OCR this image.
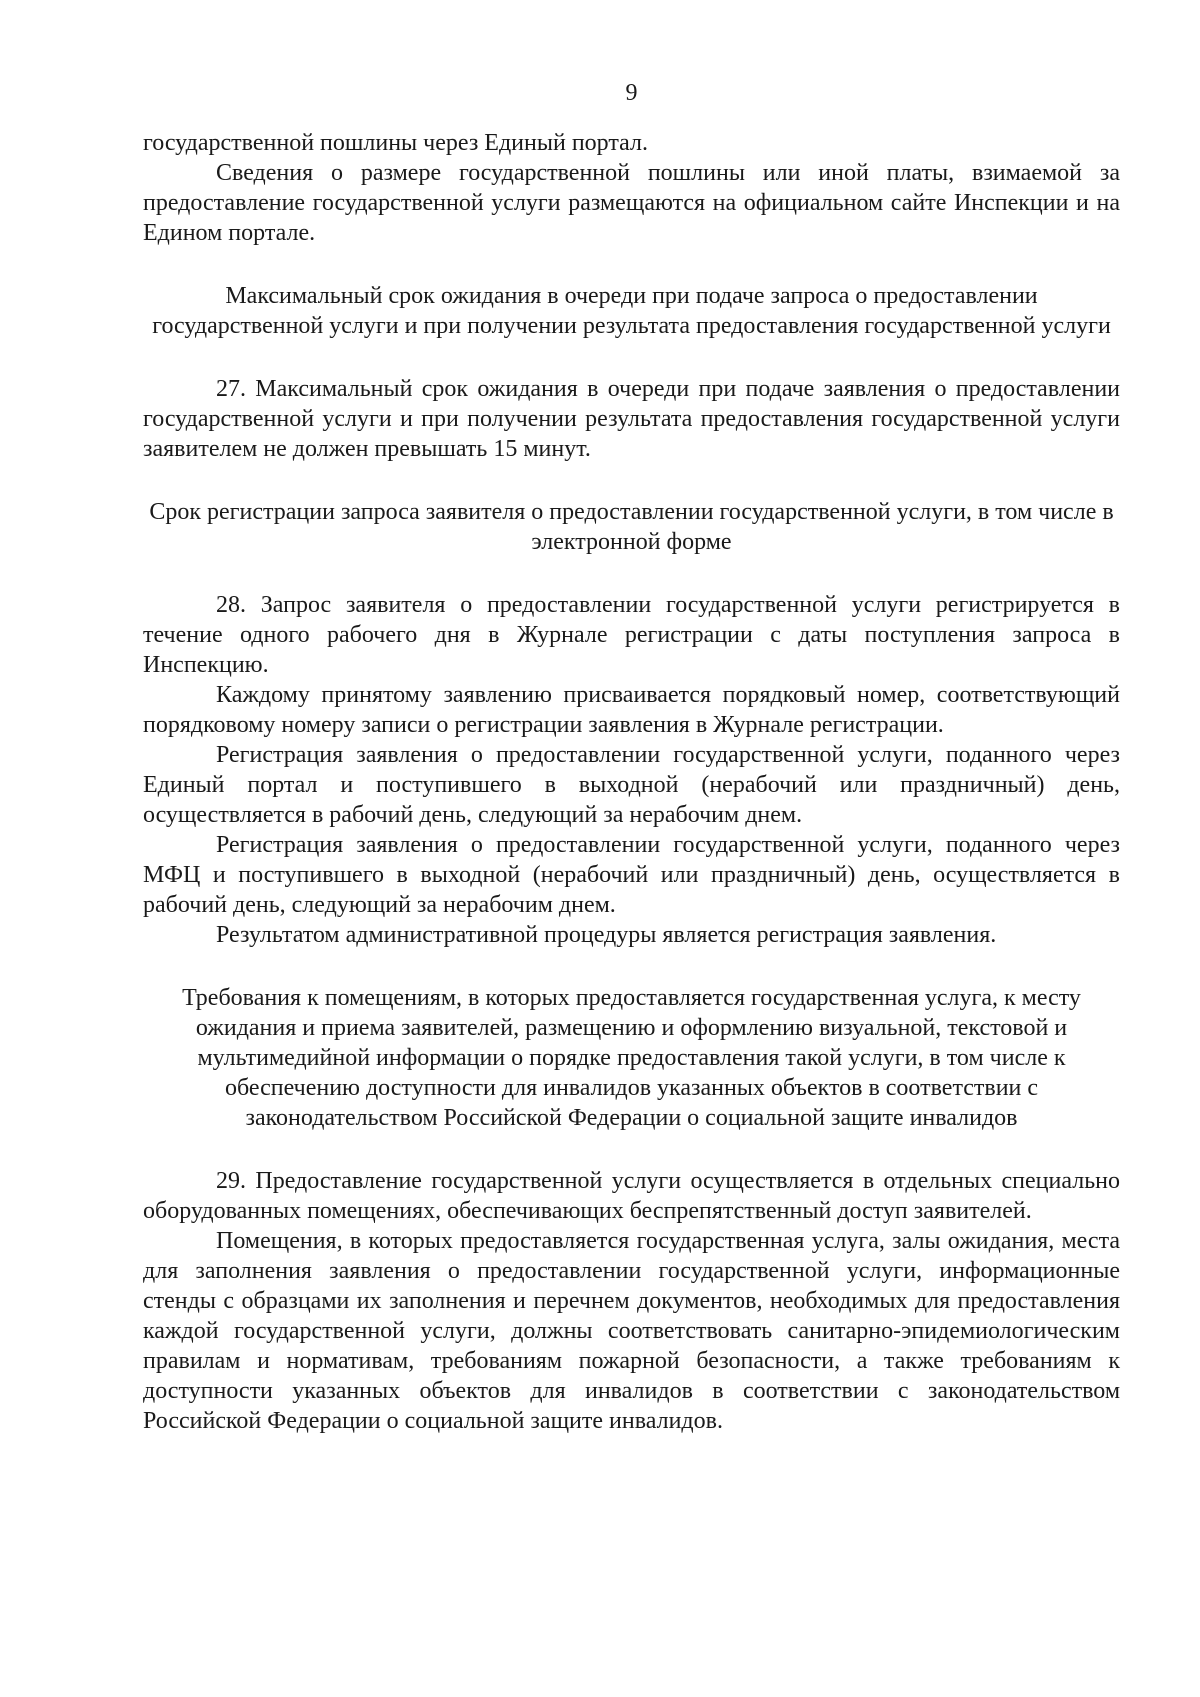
9

государственной пошлины через Единый портал.

Сведения о размере государственной пошлины или иной платы, взимаемой за предоставление государственной услуги размещаются на официальном сайте Инспекции и на Едином портале.

Максимальный срок ожидания в очереди при подаче запроса о предоставлении государственной услуги и при получении результата предоставления государственной услуги

27. Максимальный срок ожидания в очереди при подаче заявления о предоставлении государственной услуги и при получении результата предоставления государственной услуги заявителем не должен превышать 15 минут.

Срок регистрации запроса заявителя о предоставлении государственной услуги, в том числе в электронной форме

28. Запрос заявителя о предоставлении государственной услуги регистрируется в течение одного рабочего дня в Журнале регистрации с даты поступления запроса в Инспекцию.

Каждому принятому заявлению присваивается порядковый номер, соответствующий порядковому номеру записи о регистрации заявления в Журнале регистрации.

Регистрация заявления о предоставлении государственной услуги, поданного через Единый портал и поступившего в выходной (нерабочий или праздничный) день, осуществляется в рабочий день, следующий за нерабочим днем.

Регистрация заявления о предоставлении государственной услуги, поданного через МФЦ и поступившего в выходной (нерабочий или праздничный) день, осуществляется в рабочий день, следующий за нерабочим днем.

Результатом административной процедуры является регистрация заявления.

Требования к помещениям, в которых предоставляется государственная услуга, к месту ожидания и приема заявителей, размещению и оформлению визуальной, текстовой и мультимедийной информации о порядке предоставления такой услуги, в том числе к обеспечению доступности для инвалидов указанных объектов в соответствии с законодательством Российской Федерации о социальной защите инвалидов

29. Предоставление государственной услуги осуществляется в отдельных специально оборудованных помещениях, обеспечивающих беспрепятственный доступ заявителей.

Помещения, в которых предоставляется государственная услуга, залы ожидания, места для заполнения заявления о предоставлении государственной услуги, информационные стенды с образцами их заполнения и перечнем документов, необходимых для предоставления каждой государственной услуги, должны соответствовать санитарно-эпидемиологическим правилам и нормативам, требованиям пожарной безопасности, а также требованиям к доступности указанных объектов для инвалидов в соответствии с законодательством Российской Федерации о социальной защите инвалидов.
